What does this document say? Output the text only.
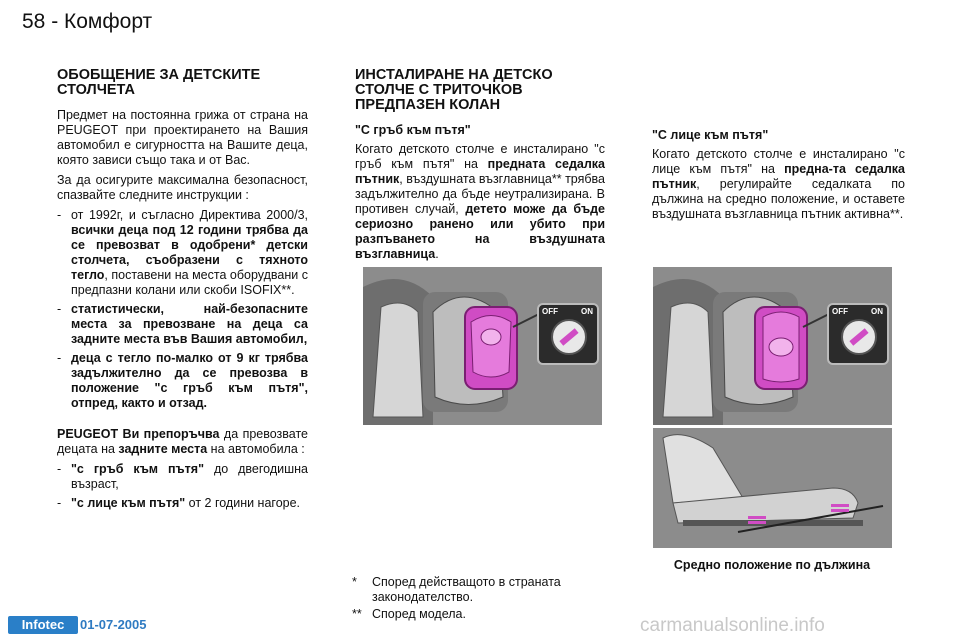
58 - Комфорт
ОБОБЩЕНИЕ ЗА ДЕТСКИТЕ СТОЛЧЕТА

Предмет на постоянна грижа от страна на PEUGEOT при проектирането на Вашия автомобил е сигурността на Вашите деца, която зависи също така и от Вас.

За да осигурите максимална безопасност, спазвайте следните инструкции :

- от 1992г, и съгласно Директива 2000/3, всички деца под 12 години трябва да се превозват в одобрени* детски столчета, съобразени с тяхното тегло, поставени на места оборудвани с предпазни колани или скоби ISOFIX**.
- статистически, най-безопасните места за превозване на деца са задните места във Вашия автомобил,
- деца с тегло по-малко от 9 кг трябва задължително да се превозва в положение "с гръб към пътя", отпред, както и отзад.

PEUGEOT Ви препоръчва да превозвате децата на задните места на автомобила :

- "с гръб към пътя" до двегодишна възраст,
- "с лице към пътя" от 2 години нагоре.
ИНСТАЛИРАНЕ НА ДЕТСКО СТОЛЧЕ С ТРИТОЧКОВ ПРЕДПАЗЕН КОЛАН
"С гръб към пътя"

Когато детското столче е инсталирано "с гръб към пътя" на предната седалка пътник, въздушната възглавница** трябва задължително да бъде неутрализирана. В противен случай, детето може да бъде сериозно ранено или убито при разпъването на въздушната възглавница.

"С лице към пътя"

Когато детското столче е инсталирано "с лице към пътя" на предна-та седалка пътник, регулирайте седалката по дължина на средно положение, и оставете въздушната възглавница пътник активна**.

OFF	ON	OFF	ON
Средно положение по дължина
*	Според действащото в страната законодателство.
** Според модела.
Infotec	01-07-2005	carmanualsonline.info
